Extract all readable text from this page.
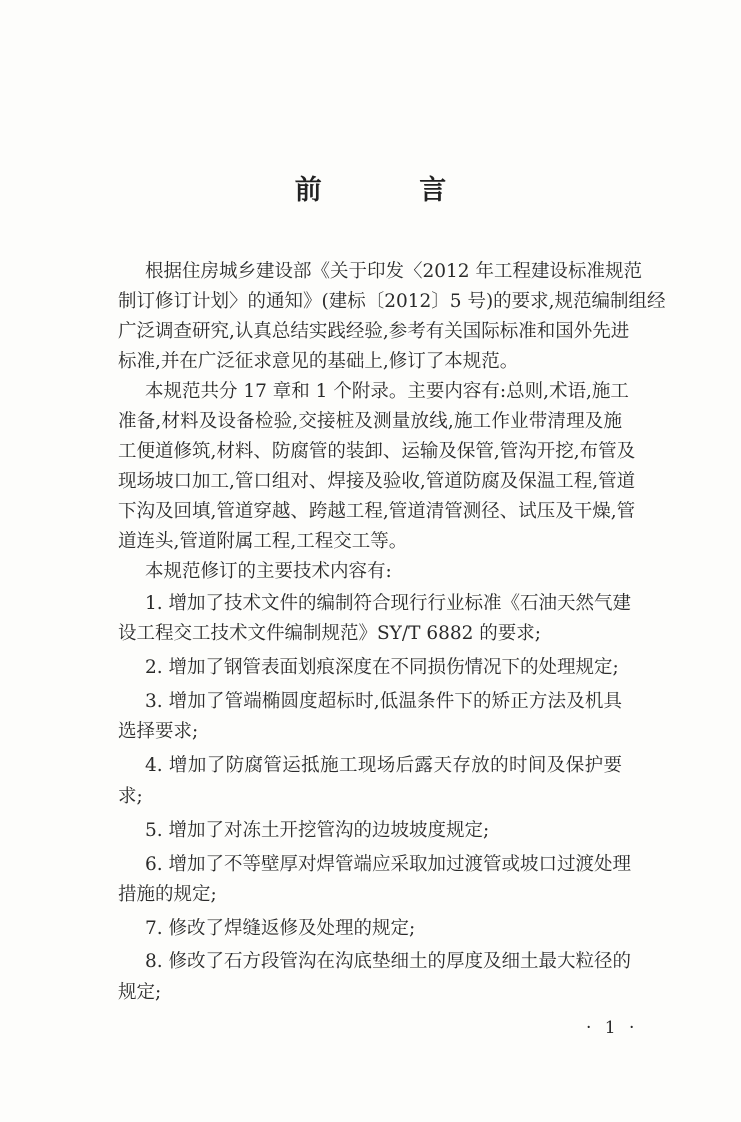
前 言
根据住房城乡建设部《关于印发〈2012 年工程建设标准规范
制订修订计划〉的通知》(建标〔2012〕5 号)的要求,规范编制组经
广泛调查研究,认真总结实践经验,参考有关国际标准和国外先进
标准,并在广泛征求意见的基础上,修订了本规范。
本规范共分 17 章和 1 个附录。主要内容有:总则,术语,施工
准备,材料及设备检验,交接桩及测量放线,施工作业带清理及施
工便道修筑,材料、防腐管的装卸、运输及保管,管沟开挖,布管及
现场坡口加工,管口组对、焊接及验收,管道防腐及保温工程,管道
下沟及回填,管道穿越、跨越工程,管道清管测径、试压及干燥,管
道连头,管道附属工程,工程交工等。
本规范修订的主要技术内容有:
1. 增加了技术文件的编制符合现行行业标准《石油天然气建
设工程交工技术文件编制规范》SY/T 6882 的要求;
2. 增加了钢管表面划痕深度在不同损伤情况下的处理规定;
3. 增加了管端椭圆度超标时,低温条件下的矫正方法及机具
选择要求;
4. 增加了防腐管运抵施工现场后露天存放的时间及保护要
求;
5. 增加了对冻土开挖管沟的边坡坡度规定;
6. 增加了不等壁厚对焊管端应采取加过渡管或坡口过渡处理
措施的规定;
7. 修改了焊缝返修及处理的规定;
8. 修改了石方段管沟在沟底垫细土的厚度及细土最大粒径的
规定;
· 1 ·
